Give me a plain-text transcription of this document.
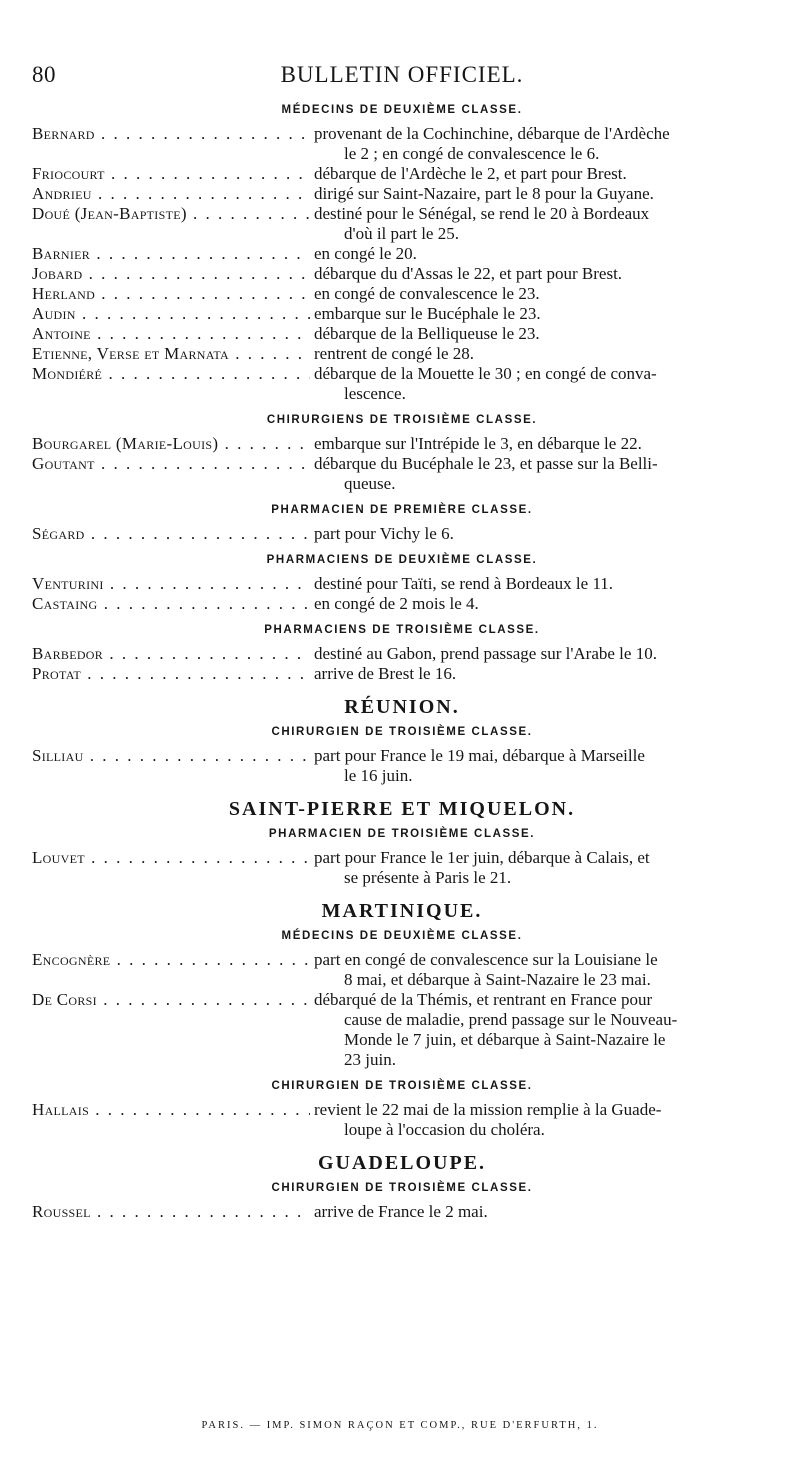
80	BULLETIN OFFICIEL.
MÉDECINS DE DEUXIÈME CLASSE.
Bernard . . .	provenant de la Cochinchine, débarque de l'Ardèche
le 2 ; en congé de convalescence le 6.
Friocourt . . .	débarque de l'Ardèche le 2, et part pour Brest.
Andrieu . . .	dirigé sur Saint-Nazaire, part le 8 pour la Guyane.
Doué (Jean-Baptiste) . . .	destiné pour le Sénégal, se rend le 20 à Bordeaux
d'où il part le 25.
Barnier . . .	en congé le 20.
Jobard . . .	débarque du d'Assas le 22, et part pour Brest.
Herland . . .	en congé de convalescence le 23.
Audin . . .	embarque sur le Bucéphale le 23.
Antoine . . .	débarque de la Belliqueuse le 23.
Etienne, Verse et Marnata . . .	rentrent de congé le 28.
Mondiéré . . .	débarque de la Mouette le 30 ; en congé de conva-
lescence.
CHIRURGIENS DE TROISIÈME CLASSE.
Bourgarel (Marie-Louis) . . .	embarque sur l'Intrépide le 3, en débarque le 22.
Goutant . . .	débarque du Bucéphale le 23, et passe sur la Belli-
queuse.
PHARMACIEN DE PREMIÈRE CLASSE.
Ségard . . .	part pour Vichy le 6.
PHARMACIENS DE DEUXIÈME CLASSE.
Venturini . . .	destiné pour Taïti, se rend à Bordeaux le 11.
Castaing . . .	en congé de 2 mois le 4.
PHARMACIENS DE TROISIÈME CLASSE.
Barbedor . . .	destiné au Gabon, prend passage sur l'Arabe le 10.
Protat . . .	arrive de Brest le 16.
RÉUNION.
CHIRURGIEN DE TROISIÈME CLASSE.
Silliau . . .	part pour France le 19 mai, débarque à Marseille
le 16 juin.
SAINT-PIERRE ET MIQUELON.
PHARMACIEN DE TROISIÈME CLASSE.
Louvet . . .	part pour France le 1er juin, débarque à Calais, et
se présente à Paris le 21.
MARTINIQUE.
MÉDECINS DE DEUXIÈME CLASSE.
Encognère . . .	part en congé de convalescence sur la Louisiane le
8 mai, et débarque à Saint-Nazaire le 23 mai.
De Corsi . . .	débarqué de la Thémis, et rentrant en France pour
cause de maladie, prend passage sur le Nouveau-
Monde le 7 juin, et débarque à Saint-Nazaire le
23 juin.
CHIRURGIEN DE TROISIÈME CLASSE.
Hallais . . .	revient le 22 mai de la mission remplie à la Guade-
loupe à l'occasion du choléra.
GUADELOUPE.
CHIRURGIEN DE TROISIÈME CLASSE.
Roussel . . .	arrive de France le 2 mai.
PARIS. — IMP. SIMON RAÇON ET COMP., RUE D'ERFURTH, 1.
